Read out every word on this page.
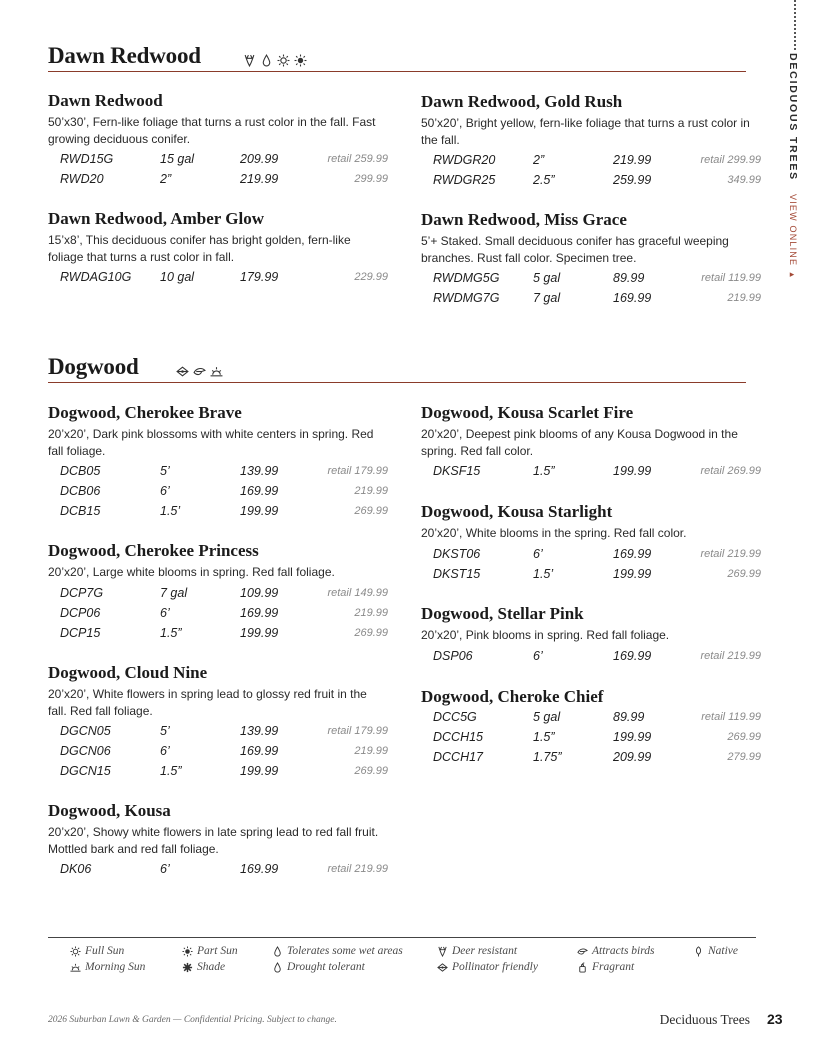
Dawn Redwood
Dawn Redwood
50’x30’, Fern-like foliage that turns a rust color in the fall. Fast growing deciduous conifer.
RWD15G	15 gal	209.99	retail 259.99
RWD20	2”	219.99	299.99
Dawn Redwood, Amber Glow
15’x8’, This deciduous conifer has bright golden, fern-like foliage that turns a rust color in fall.
RWDAG10G 10 gal	179.99	229.99
Dawn Redwood, Gold Rush
50’x20’, Bright yellow, fern-like foliage that turns a rust color in the fall.
RWDGR20	2”	219.99	retail 299.99
RWDGR25	2.5”	259.99	349.99
Dawn Redwood, Miss Grace
5’+ Staked. Small deciduous conifer has graceful weeping branches. Rust fall color. Specimen tree.
RWDMG5G	5 gal	89.99	retail 119.99
RWDMG7G	7 gal	169.99	219.99
Dogwood
Dogwood, Cherokee Brave
20’x20’, Dark pink blossoms with white centers in spring. Red fall foliage.
DCB05	5’	139.99	retail 179.99
DCB06	6’	169.99	219.99
DCB15	1.5’	199.99	269.99
Dogwood, Cherokee Princess
20’x20’, Large white blooms in spring. Red fall foliage.
DCP7G	7 gal	109.99	retail 149.99
DCP06	6’	169.99	219.99
DCP15	1.5”	199.99	269.99
Dogwood, Cloud Nine
20’x20’, White flowers in spring lead to glossy red fruit in the fall. Red fall foliage.
DGCN05	5’	139.99	retail 179.99
DGCN06	6’	169.99	219.99
DGCN15	1.5”	199.99	269.99
Dogwood, Kousa
20’x20’, Showy white flowers in late spring lead to red fall fruit. Mottled bark and red fall foliage.
DK06	6’	169.99	retail 219.99
Dogwood, Kousa Scarlet Fire
20’x20’, Deepest pink blooms of any Kousa Dogwood in the spring. Red fall color.
DKSF15	1.5”	199.99	retail 269.99
Dogwood, Kousa Starlight
20’x20’, White blooms in the spring. Red fall color.
DKST06	6’	169.99	retail 219.99
DKST15	1.5’	199.99	269.99
Dogwood, Stellar Pink
20’x20’, Pink blooms in spring. Red fall foliage.
DSP06	6’	169.99	retail 219.99
Dogwood, Cheroke Chief
DCC5G	5 gal	89.99	retail 119.99
DCCH15	1.5”	199.99	269.99
DCCH17	1.75”	209.99	279.99
DECIDUOUS TREES VIEW ONLINE ▸
Full Sun
Morning Sun
Part Sun
Shade
Tolerates some wet areas
Drought tolerant
Deer resistant
Pollinator friendly
Attracts birds
Fragrant
Native
2026 Suburban Lawn & Garden — Confidential Pricing. Subject to change.	Deciduous Trees 23
